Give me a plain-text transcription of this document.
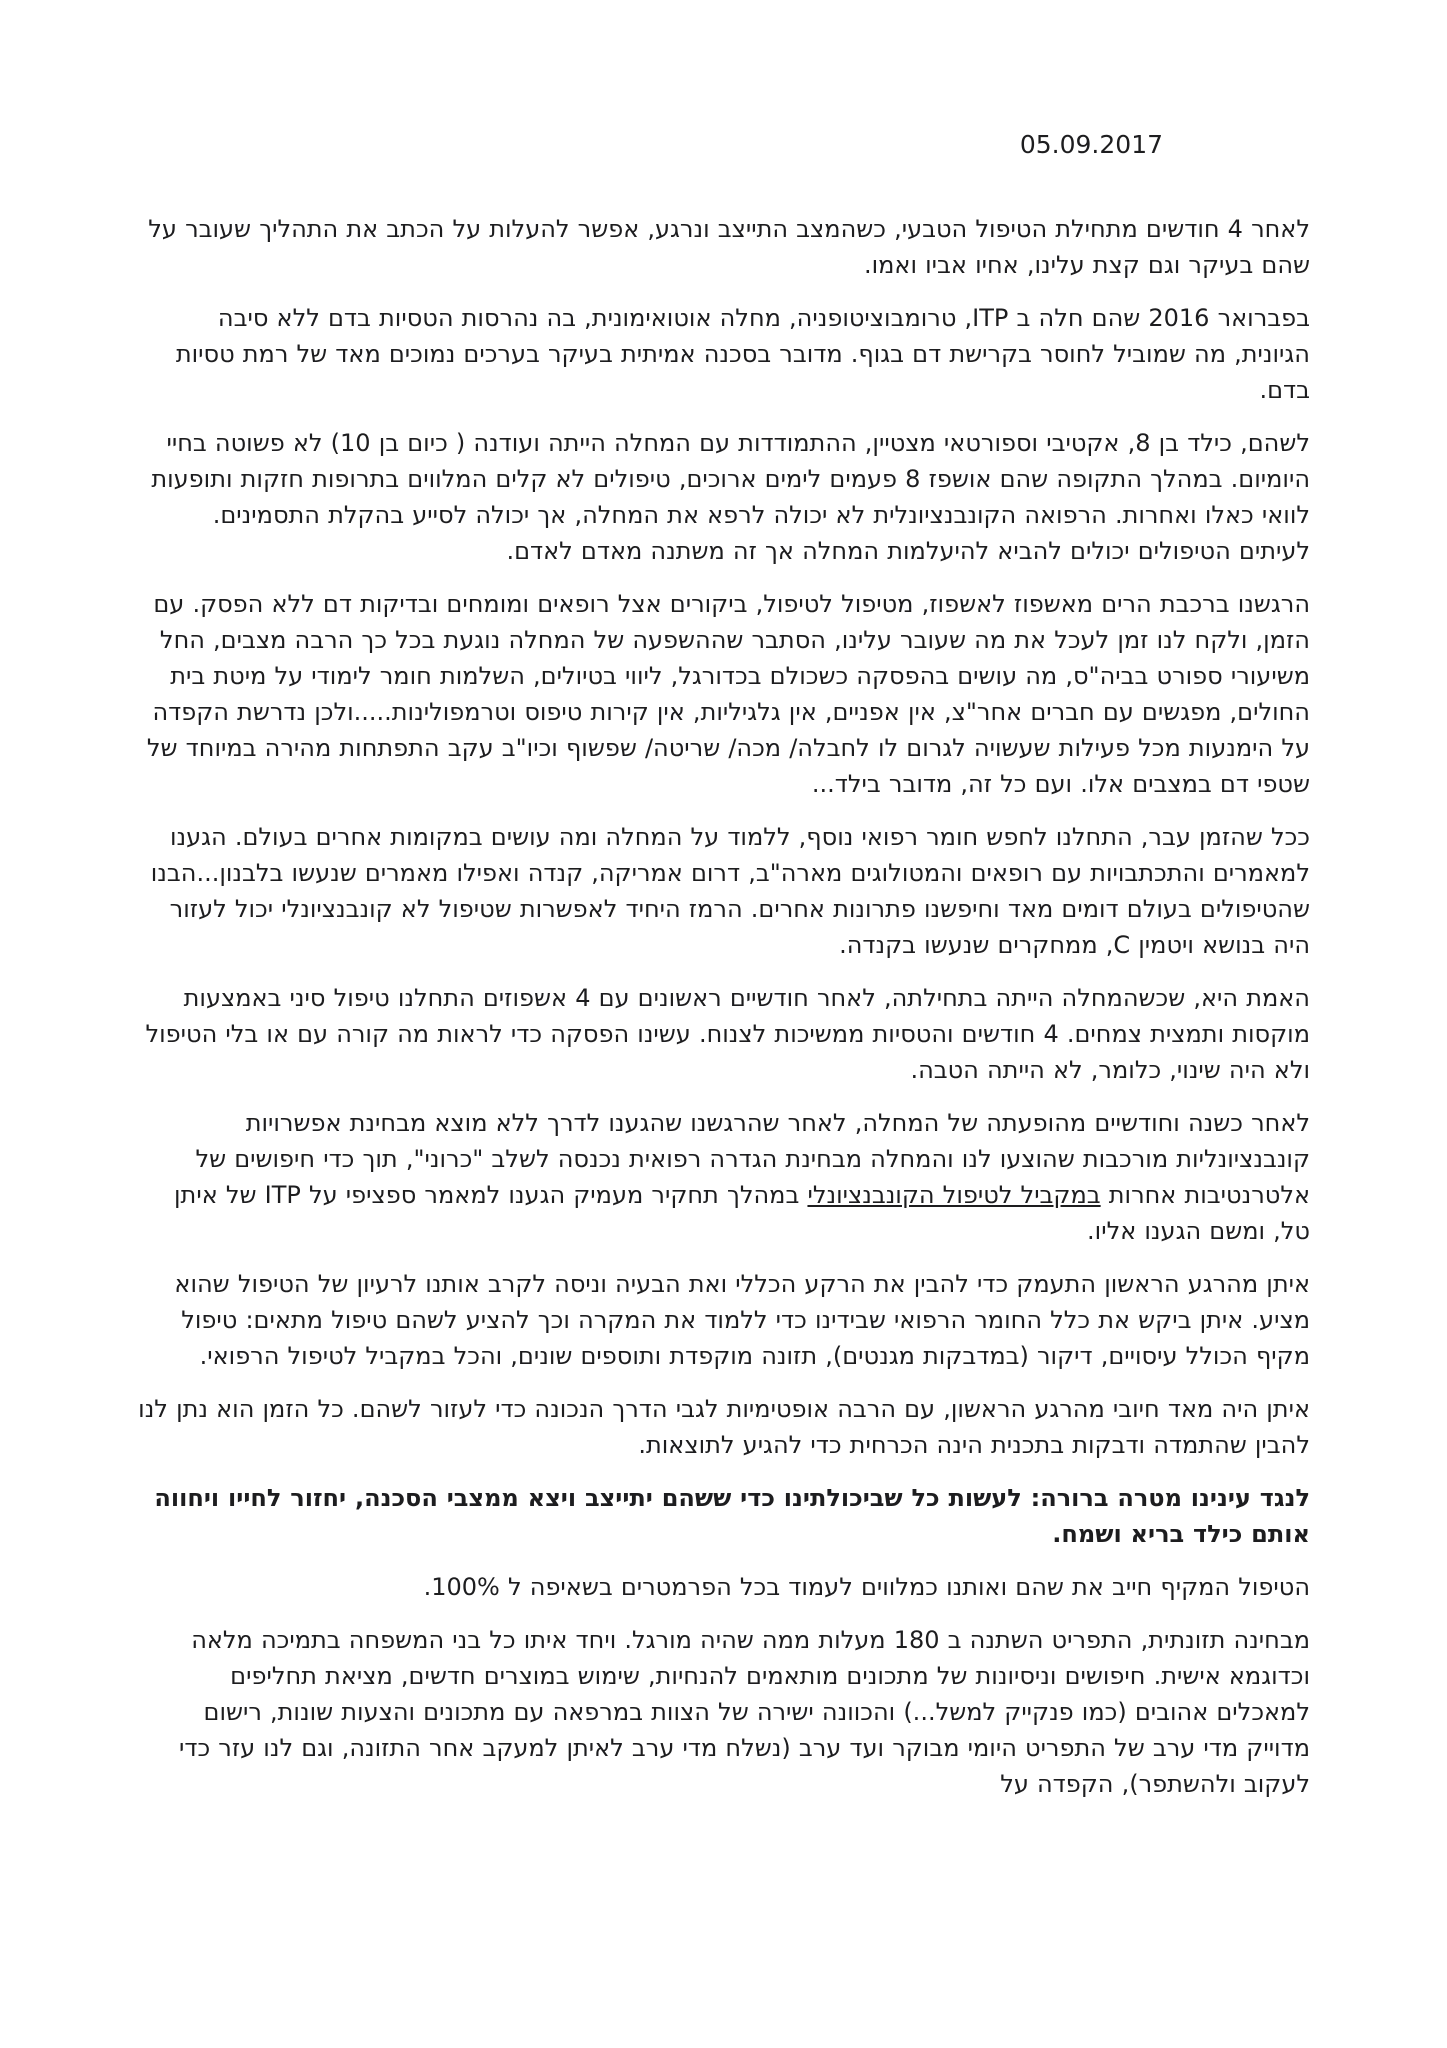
05.09.2017

לאחר 4 חודשים מתחילת הטיפול הטבעי, כשהמצב התייצב ונרגע, אפשר להעלות על הכתב את התהליך שעובר על שהם בעיקר וגם קצת עלינו, אחיו אביו ואמו.

בפברואר 2016 שהם חלה ב ITP, טרומבוציטופניה, מחלה אוטואימונית, בה נהרסות הטסיות בדם ללא סיבה הגיונית, מה שמוביל לחוסר בקרישת דם בגוף. מדובר בסכנה אמיתית בעיקר בערכים נמוכים מאד של רמת טסיות בדם.

לשהם, כילד בן 8, אקטיבי וספורטאי מצטיין, ההתמודדות עם המחלה הייתה ועודנה ( כיום בן 10) לא פשוטה בחיי היומיום. במהלך התקופה שהם אושפז 8 פעמים לימים ארוכים, טיפולים לא קלים המלווים בתרופות חזקות ותופעות לוואי כאלו ואחרות. הרפואה הקונבנציונלית לא יכולה לרפא את המחלה, אך יכולה לסייע בהקלת התסמינים. לעיתים הטיפולים יכולים להביא להיעלמות המחלה אך זה משתנה מאדם לאדם.

הרגשנו ברכבת הרים מאשפוז לאשפוז, מטיפול לטיפול, ביקורים אצל רופאים ומומחים ובדיקות דם ללא הפסק. עם הזמן, ולקח לנו זמן לעכל את מה שעובר עלינו, הסתבר שההשפעה של המחלה נוגעת בכל כך הרבה מצבים, החל משיעורי ספורט בביה"ס, מה עושים בהפסקה כשכולם בכדורגל, ליווי בטיולים, השלמות חומר לימודי על מיטת בית החולים, מפגשים עם חברים אחר"צ, אין אפניים, אין גלגיליות, אין קירות טיפוס וטרמפולינות.....ולכן נדרשת הקפדה על הימנעות מכל פעילות שעשויה לגרום לו לחבלה/ מכה/ שריטה/ שפשוף וכיו"ב עקב התפתחות מהירה במיוחד של שטפי דם במצבים אלו. ועם כל זה, מדובר בילד...

ככל שהזמן עבר, התחלנו לחפש חומר רפואי נוסף, ללמוד על המחלה ומה עושים במקומות אחרים בעולם. הגענו למאמרים והתכתבויות עם רופאים והמטולוגים מארה"ב, דרום אמריקה, קנדה ואפילו מאמרים שנעשו בלבנון...הבנו שהטיפולים בעולם דומים מאד וחיפשנו פתרונות אחרים. הרמז היחיד לאפשרות שטיפול לא קונבנציונלי יכול לעזור היה בנושא ויטמין C, ממחקרים שנעשו בקנדה.

האמת היא, שכשהמחלה הייתה בתחילתה, לאחר חודשיים ראשונים עם 4 אשפוזים התחלנו טיפול סיני באמצעות מוקסות ותמצית צמחים. 4 חודשים והטסיות ממשיכות לצנוח. עשינו הפסקה כדי לראות מה קורה עם או בלי הטיפול ולא היה שינוי, כלומר, לא הייתה הטבה.

לאחר כשנה וחודשיים מהופעתה של המחלה, לאחר שהרגשנו שהגענו לדרך ללא מוצא מבחינת אפשרויות קונבנציונליות מורכבות שהוצעו לנו והמחלה מבחינת הגדרה רפואית נכנסה לשלב "כרוני", תוך כדי חיפושים של אלטרנטיבות אחרות במקביל לטיפול הקונבנציונלי במהלך תחקיר מעמיק הגענו למאמר ספציפי על ITP של איתן טל, ומשם הגענו אליו.

איתן מהרגע הראשון התעמק כדי להבין את הרקע הכללי ואת הבעיה וניסה לקרב אותנו לרעיון של הטיפול שהוא מציע. איתן ביקש את כלל החומר הרפואי שבידינו כדי ללמוד את המקרה וכך להציע לשהם טיפול מתאים: טיפול מקיף הכולל עיסויים, דיקור (במדבקות מגנטים), תזונה מוקפדת ותוספים שונים, והכל במקביל לטיפול הרפואי.

איתן היה מאד חיובי מהרגע הראשון, עם הרבה אופטימיות לגבי הדרך הנכונה כדי לעזור לשהם. כל הזמן הוא נתן לנו להבין שהתמדה ודבקות בתכנית הינה הכרחית כדי להגיע לתוצאות.

לנגד עינינו מטרה ברורה: לעשות כל שביכולתינו כדי ששהם יתייצב ויצא ממצבי הסכנה, יחזור לחייו ויחווה אותם כילד בריא ושמח.

הטיפול המקיף חייב את שהם ואותנו כמלווים לעמוד בכל הפרמטרים בשאיפה ל 100%.

מבחינה תזונתית, התפריט השתנה ב 180 מעלות ממה שהיה מורגל. ויחד איתו כל בני המשפחה בתמיכה מלאה וכדוגמא אישית. חיפושים וניסיונות של מתכונים מותאמים להנחיות, שימוש במוצרים חדשים, מציאת תחליפים למאכלים אהובים (כמו פנקייק למשל...) והכוונה ישירה של הצוות במרפאה עם מתכונים והצעות שונות, רישום מדוייק מדי ערב של התפריט היומי מבוקר ועד ערב (נשלח מדי ערב לאיתן למעקב אחר התזונה, וגם לנו עזר כדי לעקוב ולהשתפר), הקפדה על
